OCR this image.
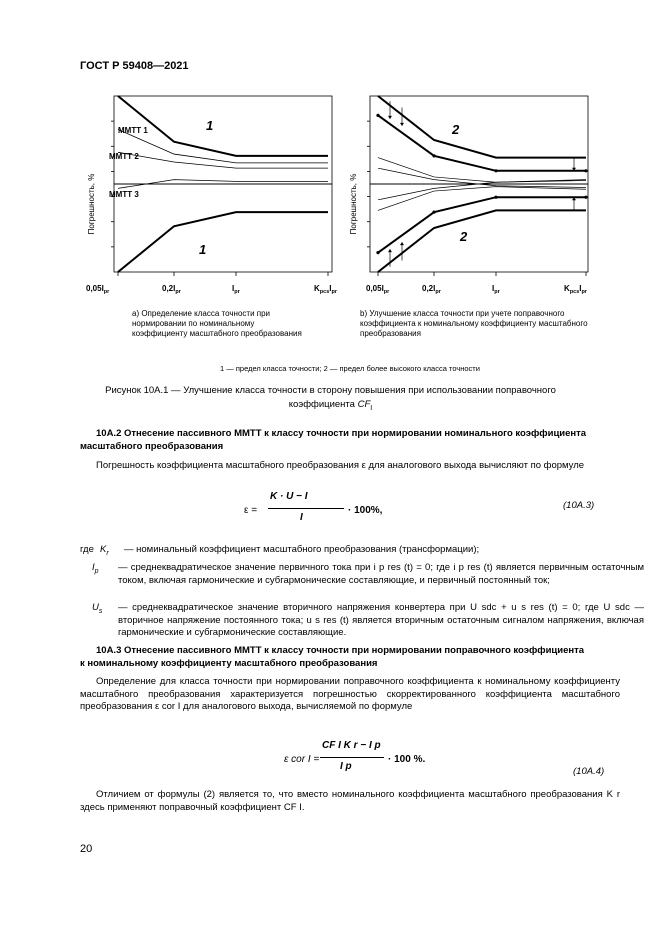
ГОСТ Р 59408—2021
Погрешность, %
ММТТ 1
ММТТ 2
ММТТ 3
1
1
$0,05I_{рг}$	$0,2I_{рг}$	$I_{рг}$	$K_{рсs}I_{рг}$
Погрешность, %
2
2
$0,05I_{рг}$	$0,2I_{рг}$	$I_{рг}$	$K_{рсs}I_{рг}$
а) Определение класса точности при нормировании по номинальному коэффициенту масштабного преобразования
b) Улучшение класса точности при учете поправочного коэффициента к номинальному коэффициенту масштабного преобразования
1 — предел класса точности; 2 — предел более высокого класса точности
Рисунок 10А.1 — Улучшение класса точности в сторону повышения при использовании поправочного
коэффициента $CF_I$
10А.2 Отнесение пассивного ММТТ к классу точности при нормировании номинального коэффициента
масштабного преобразования
Погрешность коэффициента масштабного преобразования ε для аналогового выхода вычисляют по формуле
ε =
K · U − I
I
· 100%,	(10А.3)
где $K_r$ — номинальный коэффициент масштабного преобразования (трансформации);
$I_p$ — среднеквадратическое значение первичного тока при i p res (t) = 0; где i p res (t) является первичным остаточным током, включая гармонические и субгармонические составляющие, и первичный постоянный ток;
$U_s$ — среднеквадратическое значение вторичного напряжения конвертера при U sdc + u s res (t) = 0; где U sdc — вторичное напряжение постоянного тока; u s res (t) является вторичным остаточным сигналом напряжения, включая гармонические и субгармонические составляющие.
10А.3 Отнесение пассивного ММТТ к классу точности при нормировании поправочного коэффициента
к номинальному коэффициенту масштабного преобразования
Определение для класса точности при нормировании поправочного коэффициента к номинальному коэффициенту масштабного преобразования характеризуется погрешностью скорректированного коэффициента масштабного преобразования ε cor I для аналогового выхода, вычисляемой по формуле
ε cor I =
CF I K r − I p
I p
· 100 %.
(10А.4)
Отличием от формулы (2) является то, что вместо номинального коэффициента масштабного преобразования K r здесь применяют поправочный коэффициент CF I.
20
